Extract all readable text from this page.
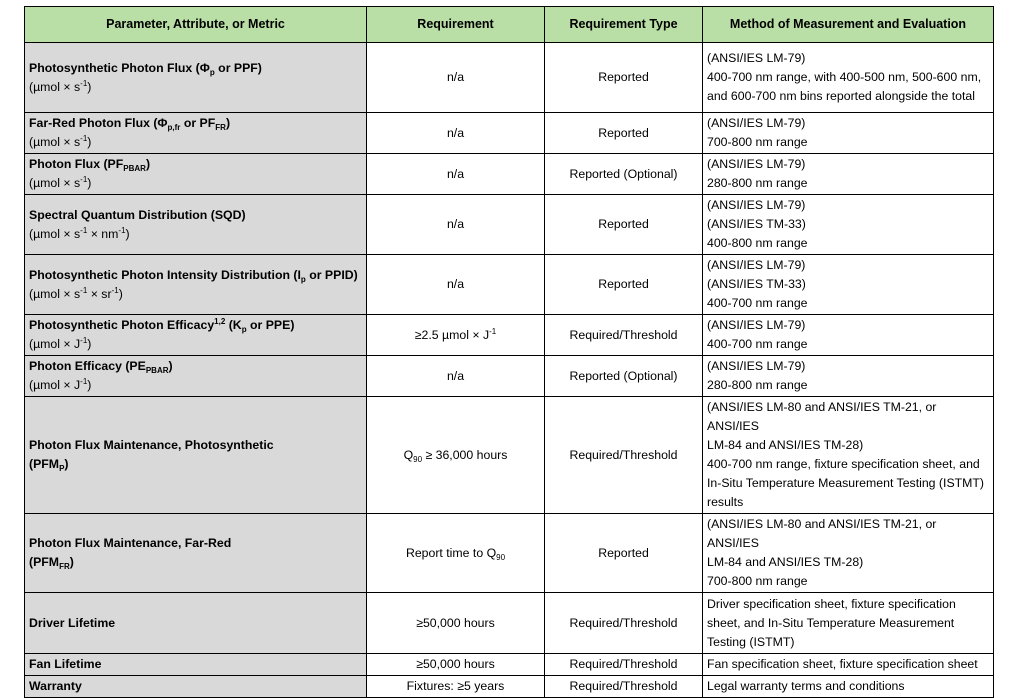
Parameter, Attribute, or Metric	Requirement	Requirement Type	Method of Measurement and Evaluation

Photosynthetic Photon Flux ($\Phi_p$ or PPF)
$(\mu mol \times s^{-1})$	n/a	Reported	(ANSI/IES LM-79)
400-700 nm range, with 400-500 nm, 500-600 nm,
and 600-700 nm bins reported alongside the total

Far-Red Photon Flux ($\Phi_{p,fr}$ or $PF_{FR}$)
$(\mu mol \times s^{-1})$	n/a	Reported	(ANSI/IES LM-79)
700-800 nm range

Photon Flux $(PF_{PBAR})$
$(\mu mol \times s^{-1})$	n/a	Reported (Optional)	(ANSI/IES LM-79)
280-800 nm range

Spectral Quantum Distribution (SQD)
$(\mu mol \times s^{-1} \times nm^{-1})$	n/a	Reported	(ANSI/IES LM-79)
(ANSI/IES TM-33)
400-800 nm range

Photosynthetic Photon Intensity Distribution ($I_p$ or PPID)
$(\mu mol \times s^{-1} \times sr^{-1})$	n/a	Reported	(ANSI/IES LM-79)
(ANSI/IES TM-33)
400-700 nm range

Photosynthetic Photon Efficacy$^{1,2}$ ($K_p$ or PPE)
$(\mu mol \times J^{-1})$	≥2.5 $\mu mol \times J^{-1}$	Required/Threshold	(ANSI/IES LM-79)
400-700 nm range

Photon Efficacy $(PE_{PBAR})$
$(\mu mol \times J^{-1})$	n/a	Reported (Optional)	(ANSI/IES LM-79)
280-800 nm range

Photon Flux Maintenance, Photosynthetic
$(PFM_P)$	$Q_{90} \ge 36,000$ hours	Required/Threshold	(ANSI/IES LM-80 and ANSI/IES TM-21, or ANSI/IES
LM-84 and ANSI/IES TM-28)
400-700 nm range, fixture specification sheet, and
In-Situ Temperature Measurement Testing (ISTMT)
results

Photon Flux Maintenance, Far-Red
$(PFM_{FR})$	Report time to $Q_{90}$	Reported	(ANSI/IES LM-80 and ANSI/IES TM-21, or ANSI/IES
LM-84 and ANSI/IES TM-28)
700-800 nm range

Driver Lifetime	≥50,000 hours	Required/Threshold	Driver specification sheet, fixture specification
sheet, and In-Situ Temperature Measurement
Testing (ISTMT)

Fan Lifetime	≥50,000 hours	Required/Threshold	Fan specification sheet, fixture specification sheet

Warranty	Fixtures: ≥5 years	Required/Threshold	Legal warranty terms and conditions
